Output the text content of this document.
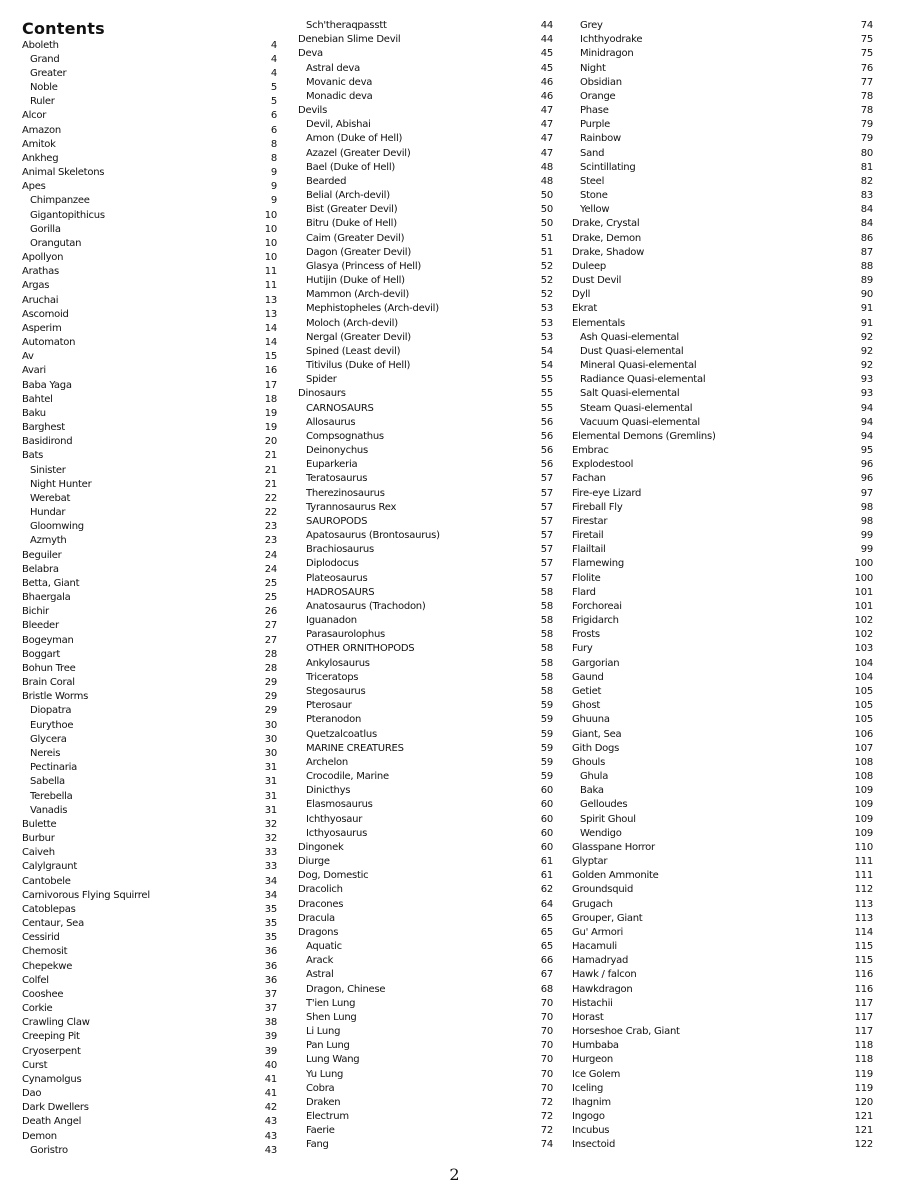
Contents
Aboleth	4
Grand	4
Greater	4
Noble	5
Ruler	5
Alcor	6
Amazon	6
Amitok	8
Ankheg	8
Animal Skeletons	9
Apes	9
Chimpanzee	9
Gigantopithicus	10
Gorilla	10
Orangutan	10
Apollyon	10
Arathas	11
Argas	11
Aruchai	13
Ascomoid	13
Asperim	14
Automaton	14
Av	15
Avari	16
Baba Yaga	17
Bahtel	18
Baku	19
Barghest	19
Basidirond	20
Bats	21
Sinister	21
Night Hunter	21
Werebat	22
Hundar	22
Gloomwing	23
Azmyth	23
Beguiler	24
Belabra	24
Betta, Giant	25
Bhaergala	25
Bichir	26
Bleeder	27
Bogeyman	27
Boggart	28
Bohun Tree	28
Brain Coral	29
Bristle Worms	29
Diopatra	29
Eurythoe	30
Glycera	30
Nereis	30
Pectinaria	31
Sabella	31
Terebella	31
Vanadis	31
Bulette	32
Burbur	32
Caiveh	33
Calylgraunt	33
Cantobele	34
Carnivorous Flying Squirrel	34
Catoblepas	35
Centaur, Sea	35
Cessirid	35
Chemosit	36
Chepekwe	36
Colfel	36
Cooshee	37
Corkie	37
Crawling Claw	38
Creeping Pit	39
Cryoserpent	39
Curst	40
Cynamolgus	41
Dao	41
Dark Dwellers	42
Death Angel	43
Demon	43
Goristro	43
Sch'theraqpasstt	44
Denebian Slime Devil	44
Deva	45
Astral deva	45
Movanic deva	46
Monadic deva	46
Devils	47
Devil, Abishai	47
Amon (Duke of Hell)	47
Azazel (Greater Devil)	47
Bael (Duke of Hell)	48
Bearded	48
Belial (Arch-devil)	50
Bist (Greater Devil)	50
Bitru (Duke of Hell)	50
Caim (Greater Devil)	51
Dagon (Greater Devil)	51
Glasya (Princess of Hell)	52
Hutijin (Duke of Hell)	52
Mammon (Arch-devil)	52
Mephistopheles (Arch-devil)	53
Moloch (Arch-devil)	53
Nergal (Greater Devil)	53
Spined (Least devil)	54
Titivilus (Duke of Hell)	54
Spider	55
Dinosaurs	55
CARNOSAURS	55
Allosaurus	56
Compsognathus	56
Deinonychus	56
Euparkeria	56
Teratosaurus	57
Therezinosaurus	57
Tyrannosaurus Rex	57
SAUROPODS	57
Apatosaurus (Brontosaurus)	57
Brachiosaurus	57
Diplodocus	57
Plateosaurus	57
HADROSAURS	58
Anatosaurus (Trachodon)	58
Iguanadon	58
Parasaurolophus	58
OTHER ORNITHOPODS	58
Ankylosaurus	58
Triceratops	58
Stegosaurus	58
Pterosaur	59
Pteranodon	59
Quetzalcoatlus	59
MARINE CREATURES	59
Archelon	59
Crocodile, Marine	59
Dinicthys	60
Elasmosaurus	60
Ichthyosaur	60
Icthyosaurus	60
Dingonek	60
Diurge	61
Dog, Domestic	61
Dracolich	62
Dracones	64
Dracula	65
Dragons	65
Aquatic	65
Arack	66
Astral	67
Dragon, Chinese	68
T'ien Lung	70
Shen Lung	70
Li Lung	70
Pan Lung	70
Lung Wang	70
Yu Lung	70
Cobra	70
Draken	72
Electrum	72
Faerie	72
Fang	74
Grey	74
Ichthyodrake	75
Minidragon	75
Night	76
Obsidian	77
Orange	78
Phase	78
Purple	79
Rainbow	79
Sand	80
Scintillating	81
Steel	82
Stone	83
Yellow	84
Drake, Crystal	84
Drake, Demon	86
Drake, Shadow	87
Duleep	88
Dust Devil	89
Dyll	90
Ekrat	91
Elementals	91
Ash Quasi-elemental	92
Dust Quasi-elemental	92
Mineral Quasi-elemental	92
Radiance Quasi-elemental	93
Salt Quasi-elemental	93
Steam Quasi-elemental	94
Vacuum Quasi-elemental	94
Elemental Demons (Gremlins)	94
Embrac	95
Explodestool	96
Fachan	96
Fire-eye Lizard	97
Fireball Fly	98
Firestar	98
Firetail	99
Flailtail	99
Flamewing	100
Flolite	100
Flard	101
Forchoreai	101
Frigidarch	102
Frosts	102
Fury	103
Gargorian	104
Gaund	104
Getiet	105
Ghost	105
Ghuuna	105
Giant, Sea	106
Gith Dogs	107
Ghouls	108
Ghula	108
Baka	109
Gelloudes	109
Spirit Ghoul	109
Wendigo	109
Glasspane Horror	110
Glyptar	111
Golden Ammonite	111
Groundsquid	112
Grugach	113
Grouper, Giant	113
Gu' Armori	114
Hacamuli	115
Hamadryad	115
Hawk / falcon	116
Hawkdragon	116
Histachii	117
Horast	117
Horseshoe Crab, Giant	117
Humbaba	118
Hurgeon	118
Ice Golem	119
Iceling	119
Ihagnim	120
Ingogo	121
Incubus	121
Insectoid	122
2
